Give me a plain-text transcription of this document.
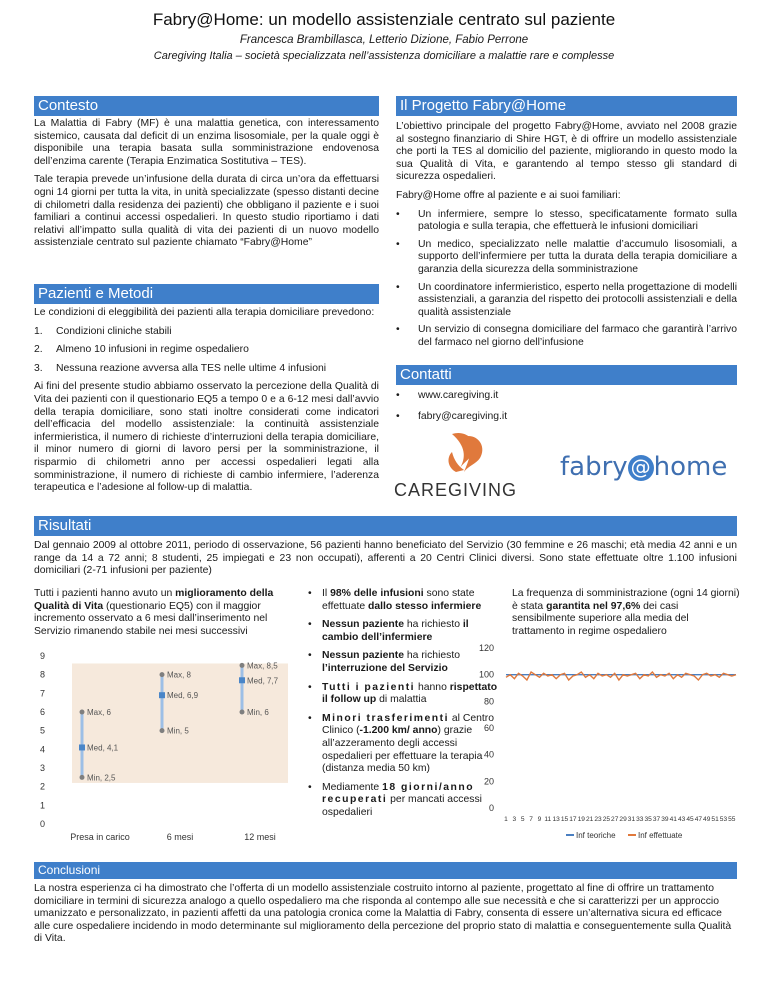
Fabry@Home: un modello assistenziale centrato sul paziente
Francesca Brambillasca, Letterio Dizione, Fabio Perrone
Caregiving Italia – società specializzata nell’assistenza domiciliare a malattie rare e complesse
Contesto

La Malattia di Fabry (MF) è una malattia genetica, con interessamento sistemico, causata dal deficit di un enzima lisosomiale, per la quale oggi è disponibile una terapia basata sulla somministrazione endovenosa dell’enzima carente (Terapia Enzimatica Sostitutiva – TES).

Tale terapia prevede un’infusione della durata di circa un’ora da effettuarsi ogni 14 giorni per tutta la vita, in unità specializzate (spesso distanti decine di chilometri dalla residenza dei pazienti) che obbligano il paziente e i suoi familiari a continui accessi ospedalieri. In questo studio riportiamo i dati relativi all’impatto sulla qualità di vita dei pazienti di un nuovo modello assistenziale centrato sul paziente chiamato “Fabry@Home”

Pazienti e Metodi

Le condizioni di eleggibilità dei pazienti alla terapia domiciliare prevedono:

1.	Condizioni cliniche stabili
2.	Almeno 10 infusioni in regime ospedaliero
3.	Nessuna reazione avversa alla TES nelle ultime 4 infusioni

Ai fini del presente studio abbiamo osservato la percezione della Qualità di Vita dei pazienti con il questionario EQ5 a tempo 0 e a 6-12 mesi dall’avvio della terapia domiciliare, sono stati inoltre considerati come indicatori dell’efficacia del modello assistenziale: la continuità assistenziale infermieristica, il numero di richieste d’interruzioni della terapia domiciliare, il minor numero di giorni di lavoro persi per la somministrazione, il risparmio di chilometri anno per accessi ospedalieri legati alla somministrazione, il numero di richieste di cambio infermiere, l’aderenza terapeutica e l’adesione al follow-up di malattia.

Il Progetto Fabry@Home

L’obiettivo principale del progetto Fabry@Home, avviato nel 2008 grazie al sostegno finanziario di Shire HGT, è di offrire un modello assistenziale che porti la TES al domicilio del paziente, migliorando in questo modo la sua Qualità di Vita, e garantendo al tempo stesso gli standard di sicurezza ospedalieri.

Fabry@Home offre al paziente e ai suoi familiari:

•	Un infermiere, sempre lo stesso, specificatamente formato sulla patologia e sulla terapia, che effettuerà le infusioni domiciliari
•	Un medico, specializzato nelle malattie d’accumulo lisosomiali, a supporto dell’infermiere per tutta la durata della terapia domiciliare a garanzia della sicurezza della somministrazione
•	Un coordinatore infermieristico, esperto nella progettazione di modelli assistenziali, a garanzia del rispetto dei protocolli assistenziali e della qualità assistenziale
•	Un servizio di consegna domiciliare del farmaco che garantirà l’arrivo del farmaco nel giorno dell’infusione
Contatti
•	www.caregiving.it
•	fabry@caregiving.it
CAREGIVING
fabry @ home
Risultati
Dal gennaio 2009 al ottobre 2011, periodo di osservazione, 56 pazienti hanno beneficiato del Servizio (30 femmine e 26 maschi; età media 42 anni e un range da 14 a 72 anni; 8 studenti, 25 impiegati e 23 non occupati), afferenti a 20 Centri Clinici diversi. Sono state effettuate oltre 1.100 infusioni domiciliari (2-71 infusioni per paziente)
Tutti i pazienti hanno avuto un miglioramento della Qualità di Vita (questionario EQ5) con il maggior incremento osservato a 6 mesi dall’inserimento nel Servizio rimanendo stabile nei mesi successivi
0
1
2
3
4
5
6
7
8
9
Presa in carico	6 mesi	12 mesi
Min, 2,5
Med, 4,1
Max, 6
Min, 5
Med, 6,9
Max, 8
Min, 6
Med, 7,7
Max, 8,5
• Il 98% delle infusioni sono state effettuate dallo stesso infermiere
• Nessun paziente ha richiesto il cambio dell’infermiere
• Nessun paziente ha richiesto l’interruzione del Servizio
• Tutti i pazienti hanno rispettato il follow up di malattia
• Minori trasferimenti al Centro Clinico (-1.200 km/ anno) grazie all’azzeramento degli accessi ospedalieri per effettuare la terapia (distanza media 50 km)
• Mediamente 18 giorni/anno recuperati per mancati accessi ospedalieri
La frequenza di somministrazione (ogni 14 giorni) è stata garantita nel 97,6% dei casi sensibilmente superiore alla media del trattamento in regime ospedaliero
0
20
40
60
80
100
120
1 3 5 7 9 11 13 15 17 19 21 23 25 27 29 31 33 35 37 39 41 43 45 47 49 51 53 55
Inf teoriche	Inf effettuate
Conclusioni
La nostra esperienza ci ha dimostrato che l’offerta di un modello assistenziale costruito intorno al paziente, progettato al fine di offrire un trattamento domiciliare in termini di sicurezza analogo a quello ospedaliero ma che risponda al contempo alle sue necessità e che si caratterizzi per un approccio umanizzato e personalizzato, in pazienti affetti da una patologia cronica come la Malattia di Fabry, consenta di essere un’alternativa sicura ed efficace alle cure ospedaliere incidendo in modo determinante sul miglioramento della percezione del proprio stato di malattia e conseguentemente sulla Qualità di Vita.
